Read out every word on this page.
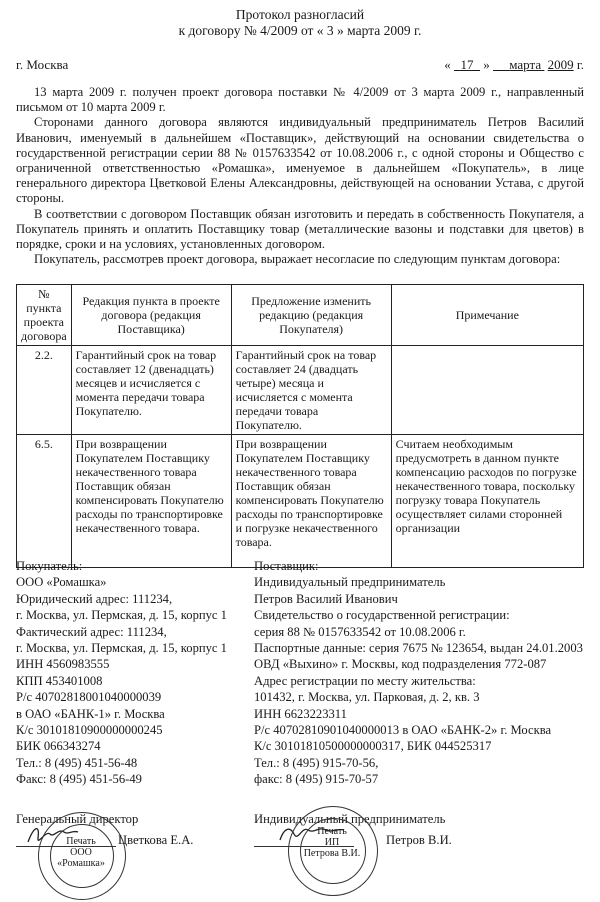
Протокол разногласий
к договору № 4/2009 от « 3 » марта 2009 г.
г. Москва	« 17 » марта 2009 г.

13 марта 2009 г. получен проект договора поставки № 4/2009 от 3 марта 2009 г., направленный письмом от 10 марта 2009 г.

Сторонами данного договора являются индивидуальный предприниматель Петров Василий Иванович, именуемый в дальнейшем «Поставщик», действующий на основании свидетельства о государственной регистрации серии 88 № 0157633542 от 10.08.2006 г., с одной стороны и Общество с ограниченной ответственностью «Ромашка», именуемое в дальнейшем «Покупатель», в лице генерального директора Цветковой Елены Александровны, действующей на основании Устава, с другой стороны.

В соответствии с договором Поставщик обязан изготовить и передать в собственность Покупателя, а Покупатель принять и оплатить Поставщику товар (металлические вазоны и подставки для цветов) в порядке, сроки и на условиях, установленных договором.

Покупатель, рассмотрев проект договора, выражает несогласие по следующим пунктам договора:

№ пункта проекта договора	Редакция пункта в проекте договора (редакция Поставщика)	Предложение изменить редакцию (редакция Покупателя)	Примечание
2.2.	Гарантийный срок на товар составляет 12 (двенадцать) месяцев и исчисляется с момента передачи товара Покупателю.	Гарантийный срок на товар составляет 24 (двадцать четыре) месяца и исчисляется с момента передачи товара Покупателю.	
6.5.	При возвращении Покупателем Поставщику некачественного товара Поставщик обязан компенсировать Покупателю расходы по транспортировке некачественного товара.	При возвращении Покупателем Поставщику некачественного товара Поставщик обязан компенсировать Покупателю расходы по транспортировке и погрузке некачественного товара.	Считаем необходимым предусмотреть в данном пункте компенсацию расходов по погрузке некачественного товара, поскольку погрузку товара Покупатель осуществляет силами сторонней организации
Покупатель:
ООО «Ромашка»
Юридический адрес: 111234,
г. Москва, ул. Пермская, д. 15, корпус 1
Фактический адрес: 111234,
г. Москва, ул. Пермская, д. 15, корпус 1
ИНН 4560983555
КПП 453401008
Р/с 40702818001040000039
в ОАО «БАНК-1» г. Москва
К/с 30101810900000000245
БИК 066343274
Тел.: 8 (495) 451-56-48
Факс: 8 (495) 451-56-49
Поставщик:
Индивидуальный предприниматель
Петров Василий Иванович
Свидетельство о государственной регистрации:
серия 88 № 0157633542 от 10.08.2006 г.
Паспортные данные: серия 7675 № 123654, выдан 24.01.2003
ОВД «Выхино» г. Москвы, код подразделения 772-087
Адрес регистрации по месту жительства:
101432, г. Москва, ул. Парковая, д. 2, кв. 3
ИНН 6623223311
Р/с 40702810901040000013 в ОАО «БАНК-2» г. Москва
К/с 30101810500000000317, БИК 044525317
Тел.: 8 (495) 915-70-56,
факс: 8 (495) 915-70-57
Генеральный директор
Печать
ООО
«Ромашка»
Цветкова Е.А.
Индивидуальный предприниматель
Печать
ИП
Петрова В.И.
Петров В.И.
